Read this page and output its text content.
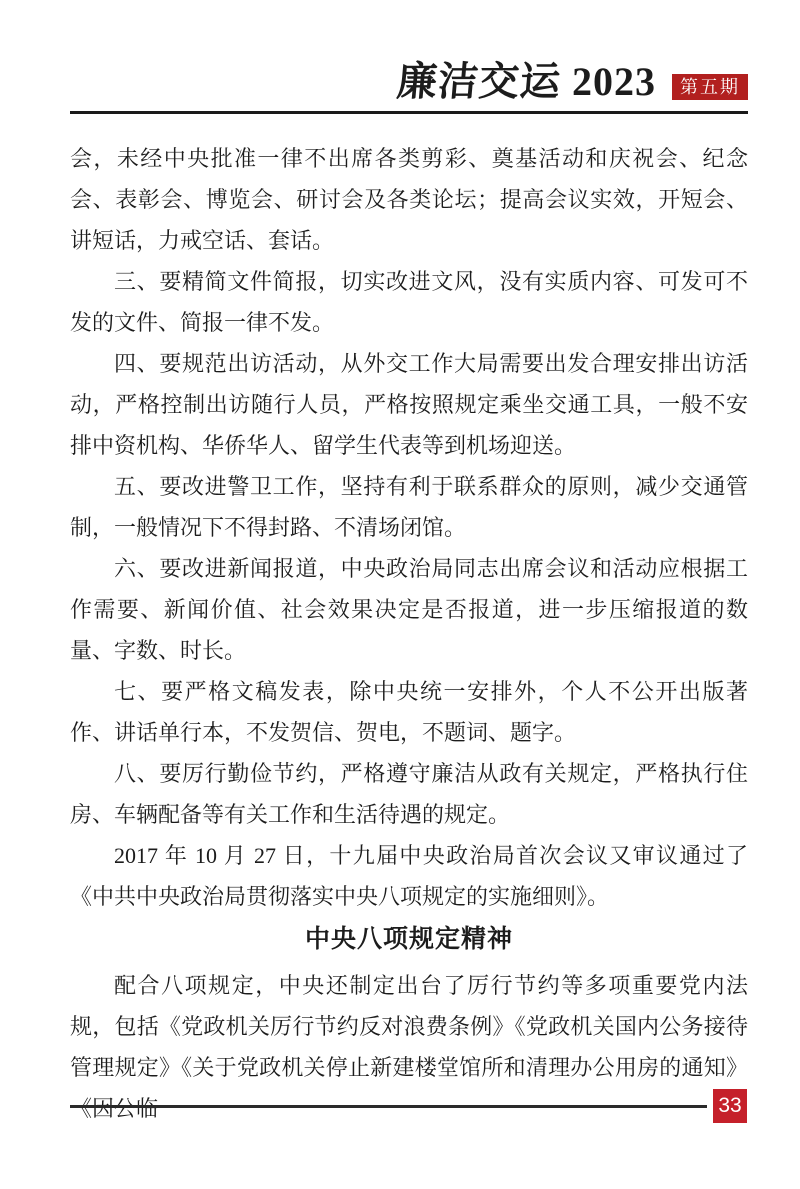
廉洁交运 2023	第五期

会，未经中央批准一律不出席各类剪彩、奠基活动和庆祝会、纪念会、表彰会、博览会、研讨会及各类论坛；提高会议实效，开短会、讲短话，力戒空话、套话。

三、要精简文件简报，切实改进文风，没有实质内容、可发可不发的文件、简报一律不发。

四、要规范出访活动，从外交工作大局需要出发合理安排出访活动，严格控制出访随行人员，严格按照规定乘坐交通工具，一般不安排中资机构、华侨华人、留学生代表等到机场迎送。

五、要改进警卫工作，坚持有利于联系群众的原则，减少交通管制，一般情况下不得封路、不清场闭馆。

六、要改进新闻报道，中央政治局同志出席会议和活动应根据工作需要、新闻价值、社会效果决定是否报道，进一步压缩报道的数量、字数、时长。

七、要严格文稿发表，除中央统一安排外，个人不公开出版著作、讲话单行本，不发贺信、贺电，不题词、题字。

八、要厉行勤俭节约，严格遵守廉洁从政有关规定，严格执行住房、车辆配备等有关工作和生活待遇的规定。

2017 年 10 月 27 日，十九届中央政治局首次会议又审议通过了《中共中央政治局贯彻落实中央八项规定的实施细则》。

中央八项规定精神

配合八项规定，中央还制定出台了厉行节约等多项重要党内法规，包括《党政机关厉行节约反对浪费条例》《党政机关国内公务接待管理规定》《关于党政机关停止新建楼堂馆所和清理办公用房的通知》《因公临	33
